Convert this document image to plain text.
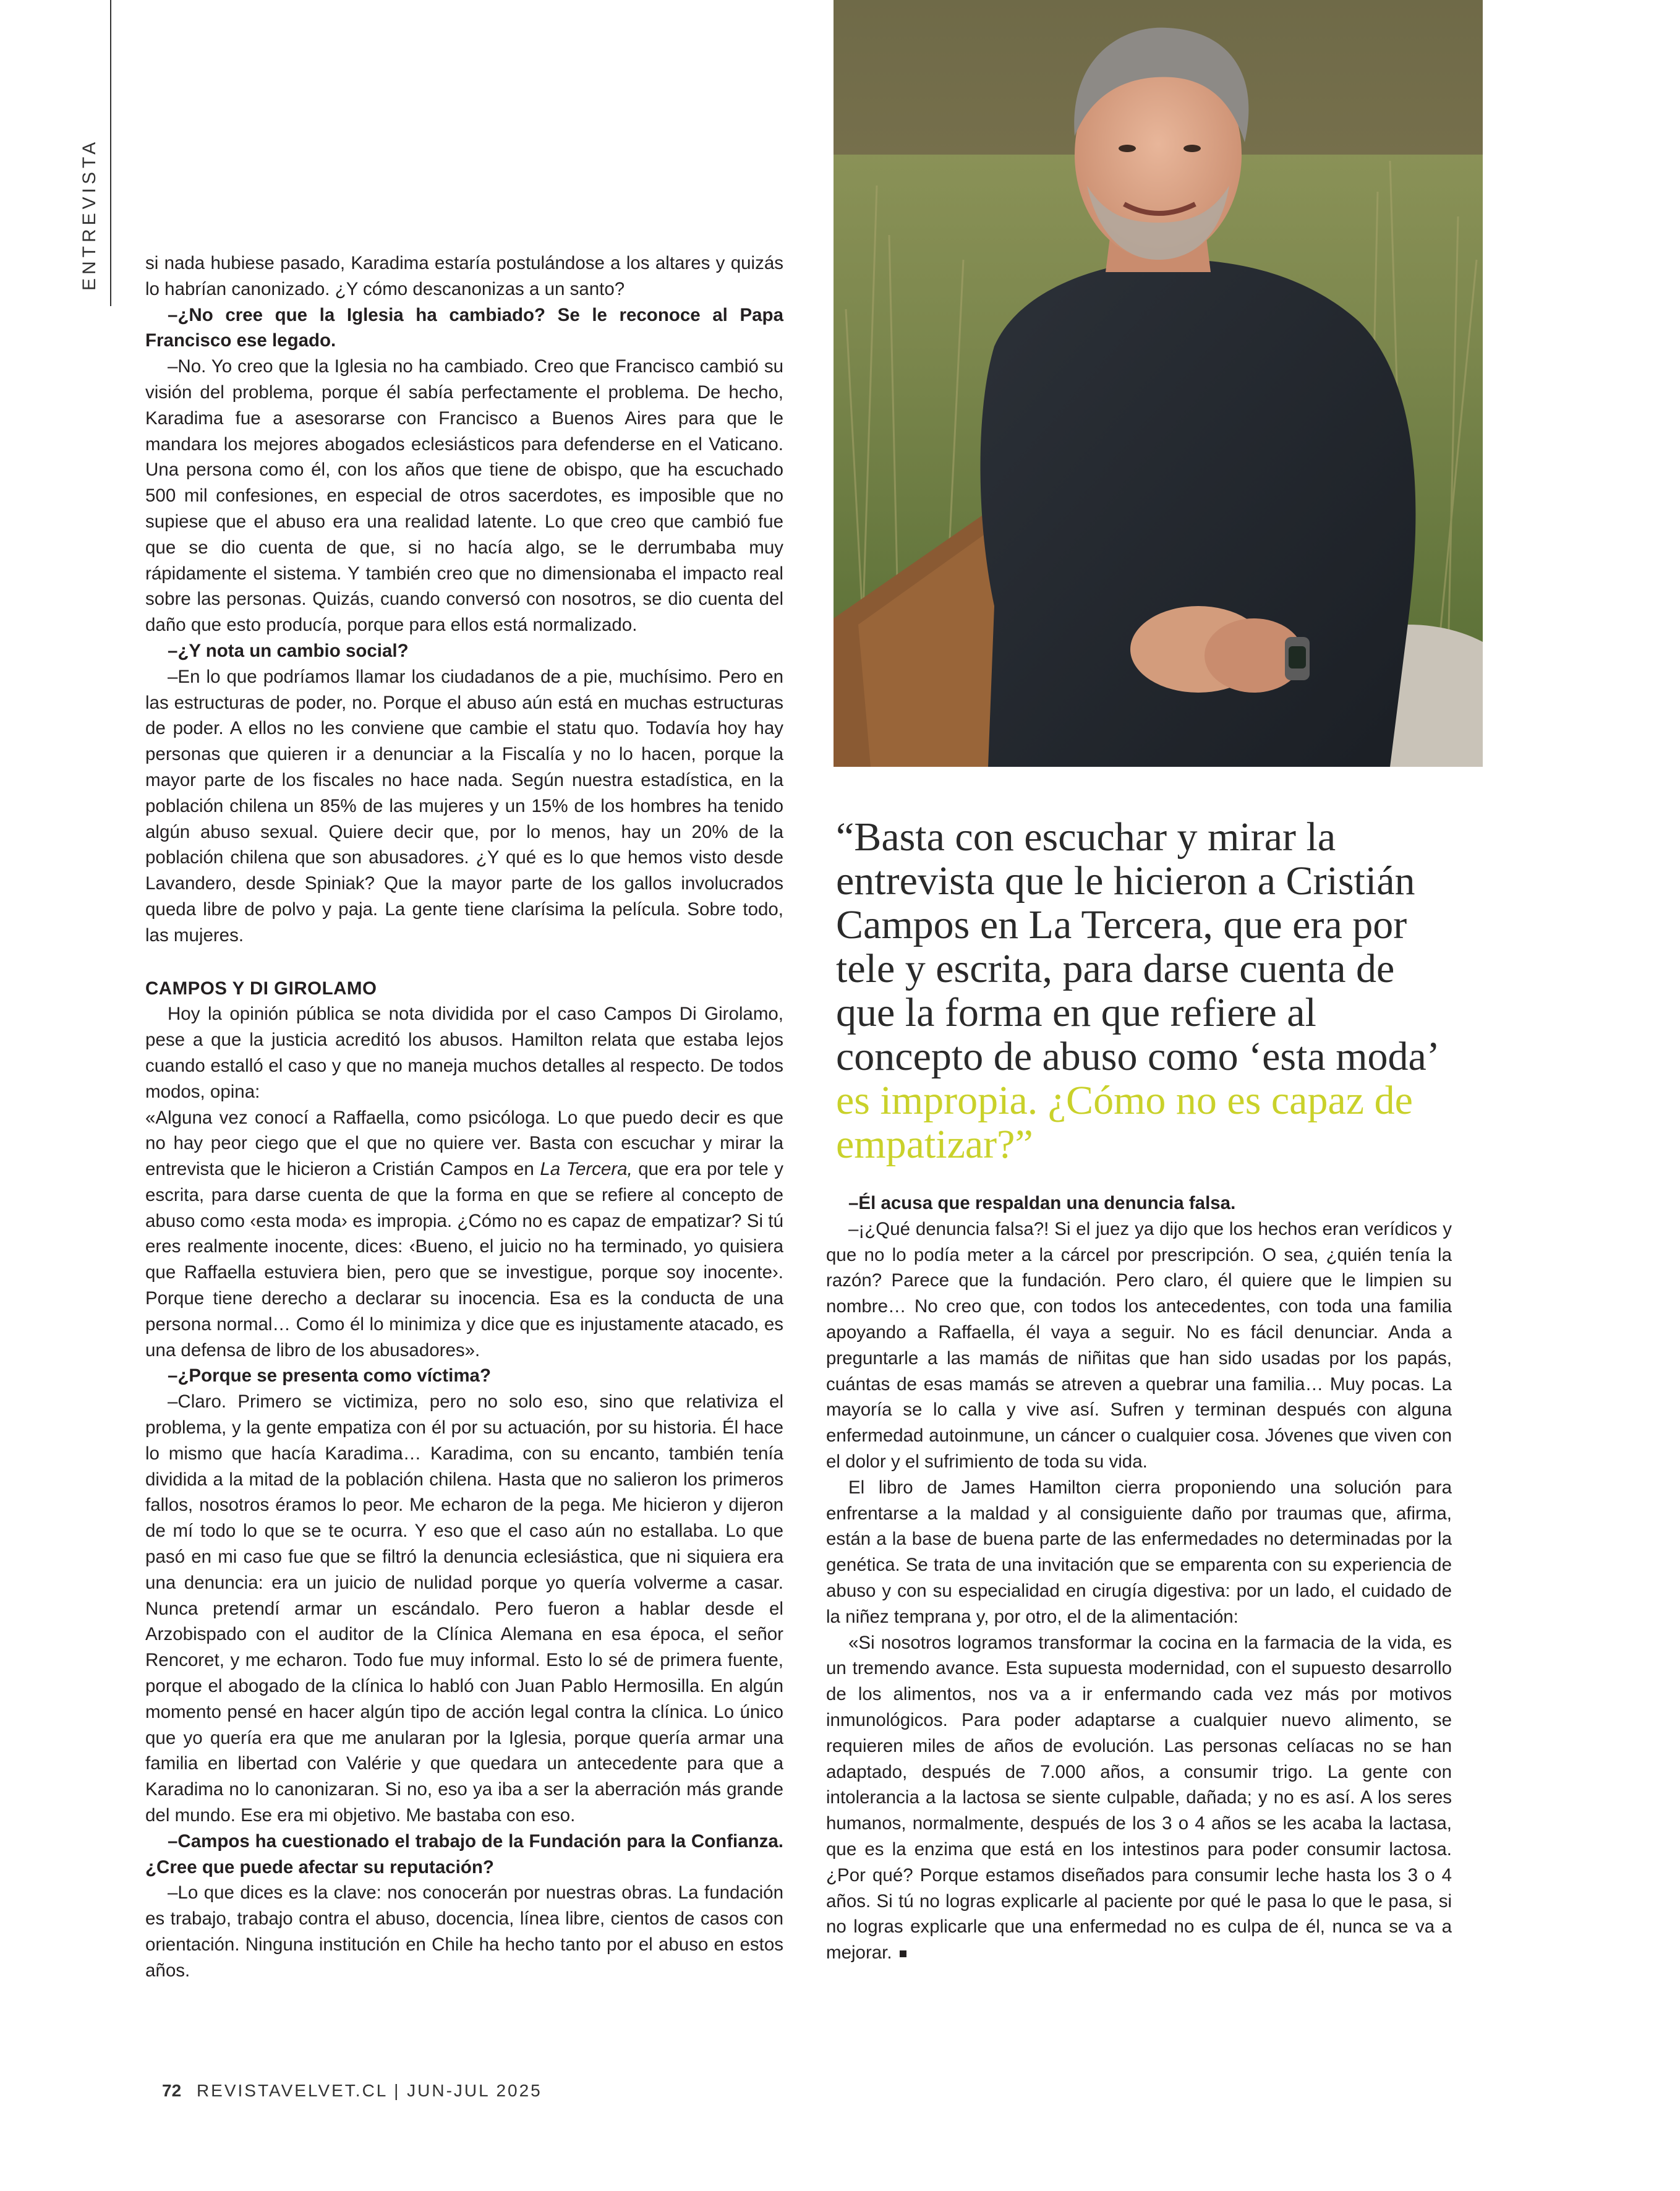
ENTREVISTA	si nada hubiese pasado, Karadima estaría postulándose a los altares y quizás lo habrían canonizado. ¿Y cómo descanonizas a un santo?

–¿No cree que la Iglesia ha cambiado? Se le reconoce al Papa Francisco ese legado.

–No. Yo creo que la Iglesia no ha cambiado. Creo que Francisco cambió su visión del problema, porque él sabía perfectamente el problema. De hecho, Karadima fue a asesorarse con Francisco a Buenos Aires para que le mandara los mejores abogados eclesiásticos para defenderse en el Vaticano. Una persona como él, con los años que tiene de obispo, que ha escuchado 500 mil confesiones, en especial de otros sacerdotes, es imposible que no supiese que el abuso era una realidad latente. Lo que creo que cambió fue que se dio cuenta de que, si no hacía algo, se le derrumbaba muy rápidamente el sistema. Y también creo que no dimensionaba el impacto real sobre las personas. Quizás, cuando conversó con nosotros, se dio cuenta del daño que esto producía, porque para ellos está normalizado.

–¿Y nota un cambio social?

–En lo que podríamos llamar los ciudadanos de a pie, muchísimo. Pero en las estructuras de poder, no. Porque el abuso aún está en muchas estructuras de poder. A ellos no les conviene que cambie el statu quo. Todavía hoy hay personas que quieren ir a denunciar a la Fiscalía y no lo hacen, porque la mayor parte de los fiscales no hace nada. Según nuestra estadística, en la población chilena un 85% de las mujeres y un 15% de los hombres ha tenido algún abuso sexual. Quiere decir que, por lo menos, hay un 20% de la población chilena que son abusadores. ¿Y qué es lo que hemos visto desde Lavandero, desde Spiniak? Que la mayor parte de los gallos involucrados queda libre de polvo y paja. La gente tiene clarísima la película. Sobre todo, las mujeres.

CAMPOS Y DI GIROLAMO

Hoy la opinión pública se nota dividida por el caso Campos Di Girolamo, pese a que la justicia acreditó los abusos. Hamilton relata que estaba lejos cuando estalló el caso y que no maneja muchos detalles al respecto. De todos modos, opina:

«Alguna vez conocí a Raffaella, como psicóloga. Lo que puedo decir es que no hay peor ciego que el que no quiere ver. Basta con escuchar y mirar la entrevista que le hicieron a Cristián Campos en La Tercera, que era por tele y escrita, para darse cuenta de que la forma en que se refiere al concepto de abuso como ‹esta moda› es impropia. ¿Cómo no es capaz de empatizar? Si tú eres realmente inocente, dices: ‹Bueno, el juicio no ha terminado, yo quisiera que Raffaella estuviera bien, pero que se investigue, porque soy inocente›. Porque tiene derecho a declarar su inocencia. Esa es la conducta de una persona normal… Como él lo minimiza y dice que es injustamente atacado, es una defensa de libro de los abusadores».

–¿Porque se presenta como víctima?

–Claro. Primero se victimiza, pero no solo eso, sino que relativiza el problema, y la gente empatiza con él por su actuación, por su historia. Él hace lo mismo que hacía Karadima… Karadima, con su encanto, también tenía dividida a la mitad de la población chilena. Hasta que no salieron los primeros fallos, nosotros éramos lo peor. Me echaron de la pega. Me hicieron y dijeron de mí todo lo que se te ocurra. Y eso que el caso aún no estallaba. Lo que pasó en mi caso fue que se filtró la denuncia eclesiástica, que ni siquiera era una denuncia: era un juicio de nulidad porque yo quería volverme a casar. Nunca pretendí armar un escándalo. Pero fueron a hablar desde el Arzobispado con el auditor de la Clínica Alemana en esa época, el señor Rencoret, y me echaron. Todo fue muy informal. Esto lo sé de primera fuente, porque el abogado de la clínica lo habló con Juan Pablo Hermosilla. En algún momento pensé en hacer algún tipo de acción legal contra la clínica. Lo único que yo quería era que me anularan por la Iglesia, porque quería armar una familia en libertad con Valérie y que quedara un antecedente para que a Karadima no lo canonizaran. Si no, eso ya iba a ser la aberración más grande del mundo. Ese era mi objetivo. Me bastaba con eso.

–Campos ha cuestionado el trabajo de la Fundación para la Confianza. ¿Cree que puede afectar su reputación?

–Lo que dices es la clave: nos conocerán por nuestras obras. La fundación es trabajo, trabajo contra el abuso, docencia, línea libre, cientos de casos con orientación. Ninguna institución en Chile ha hecho tanto por el abuso en estos años.

“Basta con escuchar y mirar la entrevista que le hicieron a Cristián Campos en La Tercera, que era por tele y escrita, para darse cuenta de que la forma en que refiere al concepto de abuso como ‘esta moda’ es impropia. ¿Cómo no es capaz de empatizar?”

–Él acusa que respaldan una denuncia falsa.

–¡¿Qué denuncia falsa?! Si el juez ya dijo que los hechos eran verídicos y que no lo podía meter a la cárcel por prescripción. O sea, ¿quién tenía la razón? Parece que la fundación. Pero claro, él quiere que le limpien su nombre… No creo que, con todos los antecedentes, con toda una familia apoyando a Raffaella, él vaya a seguir. No es fácil denunciar. Anda a preguntarle a las mamás de niñitas que han sido usadas por los papás, cuántas de esas mamás se atreven a quebrar una familia… Muy pocas. La mayoría se lo calla y vive así. Sufren y terminan después con alguna enfermedad autoinmune, un cáncer o cualquier cosa. Jóvenes que viven con el dolor y el sufrimiento de toda su vida.

El libro de James Hamilton cierra proponiendo una solución para enfrentarse a la maldad y al consiguiente daño por traumas que, afirma, están a la base de buena parte de las enfermedades no determinadas por la genética. Se trata de una invitación que se emparenta con su experiencia de abuso y con su especialidad en cirugía digestiva: por un lado, el cuidado de la niñez temprana y, por otro, el de la alimentación:

«Si nosotros logramos transformar la cocina en la farmacia de la vida, es un tremendo avance. Esta supuesta modernidad, con el supuesto desarrollo de los alimentos, nos va a ir enfermando cada vez más por motivos inmunológicos. Para poder adaptarse a cualquier nuevo alimento, se requieren miles de años de evolución. Las personas celíacas no se han adaptado, después de 7.000 años, a consumir trigo. La gente con intolerancia a la lactosa se siente culpable, dañada; y no es así. A los seres humanos, normalmente, después de los 3 o 4 años se les acaba la lactasa, que es la enzima que está en los intestinos para poder consumir lactosa. ¿Por qué? Porque estamos diseñados para consumir leche hasta los 3 o 4 años. Si tú no logras explicarle al paciente por qué le pasa lo que le pasa, si no logras explicarle que una enfermedad no es culpa de él, nunca se va a mejorar.

72 REVISTAVELVET.CL | JUN-JUL 2025
